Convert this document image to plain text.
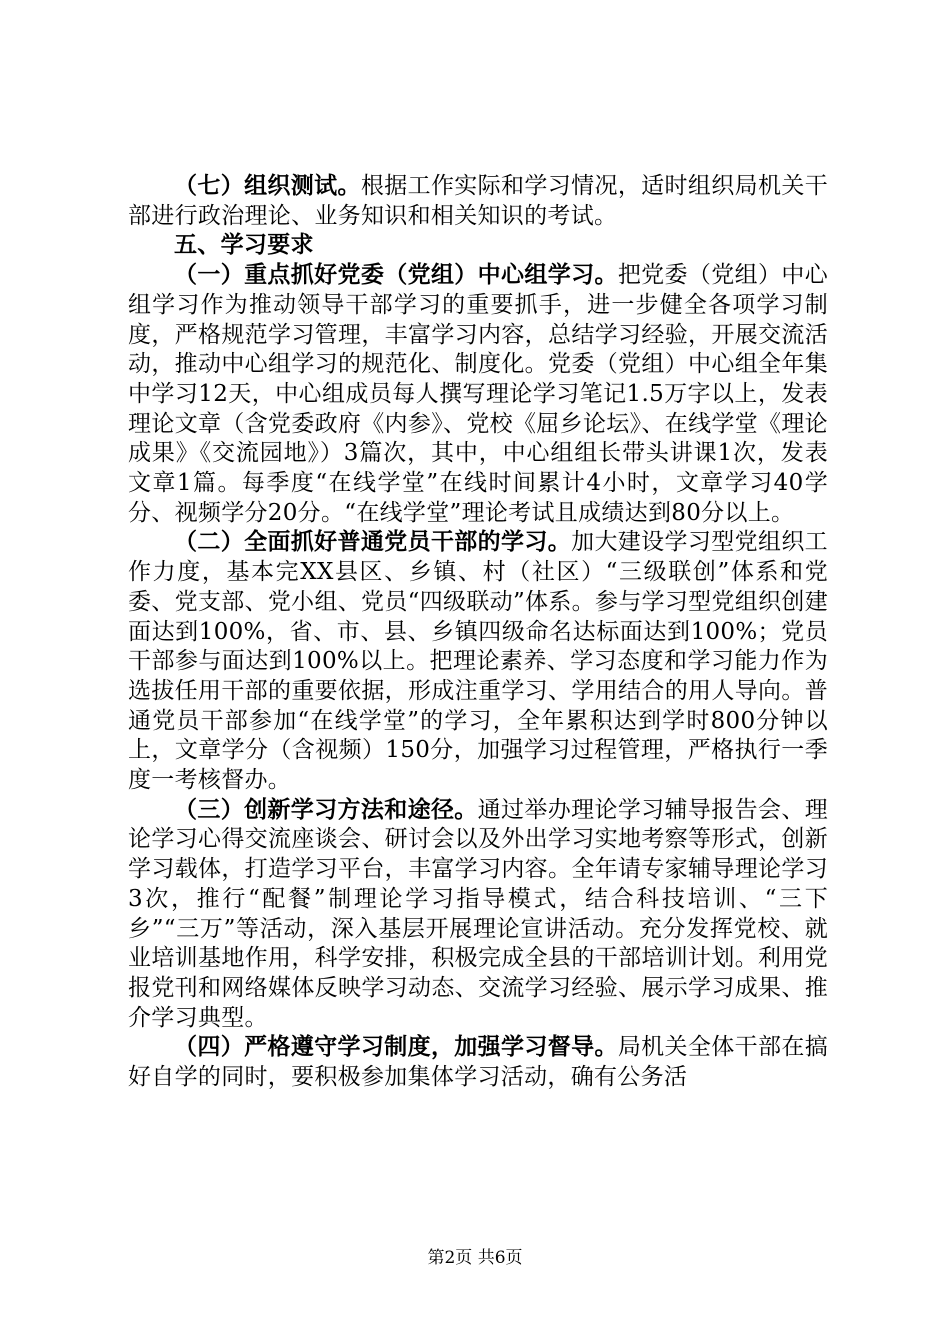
（七）组织测试。根据工作实际和学习情况，适时组织局机关干部进行政治理论、业务知识和相关知识的考试。

五、学习要求

（一）重点抓好党委（党组）中心组学习。把党委（党组）中心组学习作为推动领导干部学习的重要抓手，进一步健全各项学习制度，严格规范学习管理，丰富学习内容，总结学习经验，开展交流活动，推动中心组学习的规范化、制度化。党委（党组）中心组全年集中学习12天，中心组成员每人撰写理论学习笔记1.5万字以上，发表理论文章（含党委政府《内参》、党校《屈乡论坛》、在线学堂《理论成果》《交流园地》）3篇次，其中，中心组组长带头讲课1次，发表文章1篇。每季度“在线学堂”在线时间累计4小时，文章学习40学分、视频学分20分。“在线学堂”理论考试且成绩达到80分以上。

（二）全面抓好普通党员干部的学习。加大建设学习型党组织工作力度，基本完XX县区、乡镇、村（社区）“三级联创”体系和党委、党支部、党小组、党员“四级联动”体系。参与学习型党组织创建面达到100%，省、市、县、乡镇四级命名达标面达到100%；党员干部参与面达到100%以上。把理论素养、学习态度和学习能力作为选拔任用干部的重要依据，形成注重学习、学用结合的用人导向。普通党员干部参加“在线学堂”的学习，全年累积达到学时800分钟以上，文章学分（含视频）150分，加强学习过程管理，严格执行一季度一考核督办。

（三）创新学习方法和途径。通过举办理论学习辅导报告会、理论学习心得交流座谈会、研讨会以及外出学习实地考察等形式，创新学习载体，打造学习平台，丰富学习内容。全年请专家辅导理论学习3次，推行“配餐”制理论学习指导模式，结合科技培训、“三下乡”“三万”等活动，深入基层开展理论宣讲活动。充分发挥党校、就业培训基地作用，科学安排，积极完成全县的干部培训计划。利用党报党刊和网络媒体反映学习动态、交流学习经验、展示学习成果、推介学习典型。

（四）严格遵守学习制度，加强学习督导。局机关全体干部在搞好自学的同时，要积极参加集体学习活动，确有公务活

第2页 共6页
